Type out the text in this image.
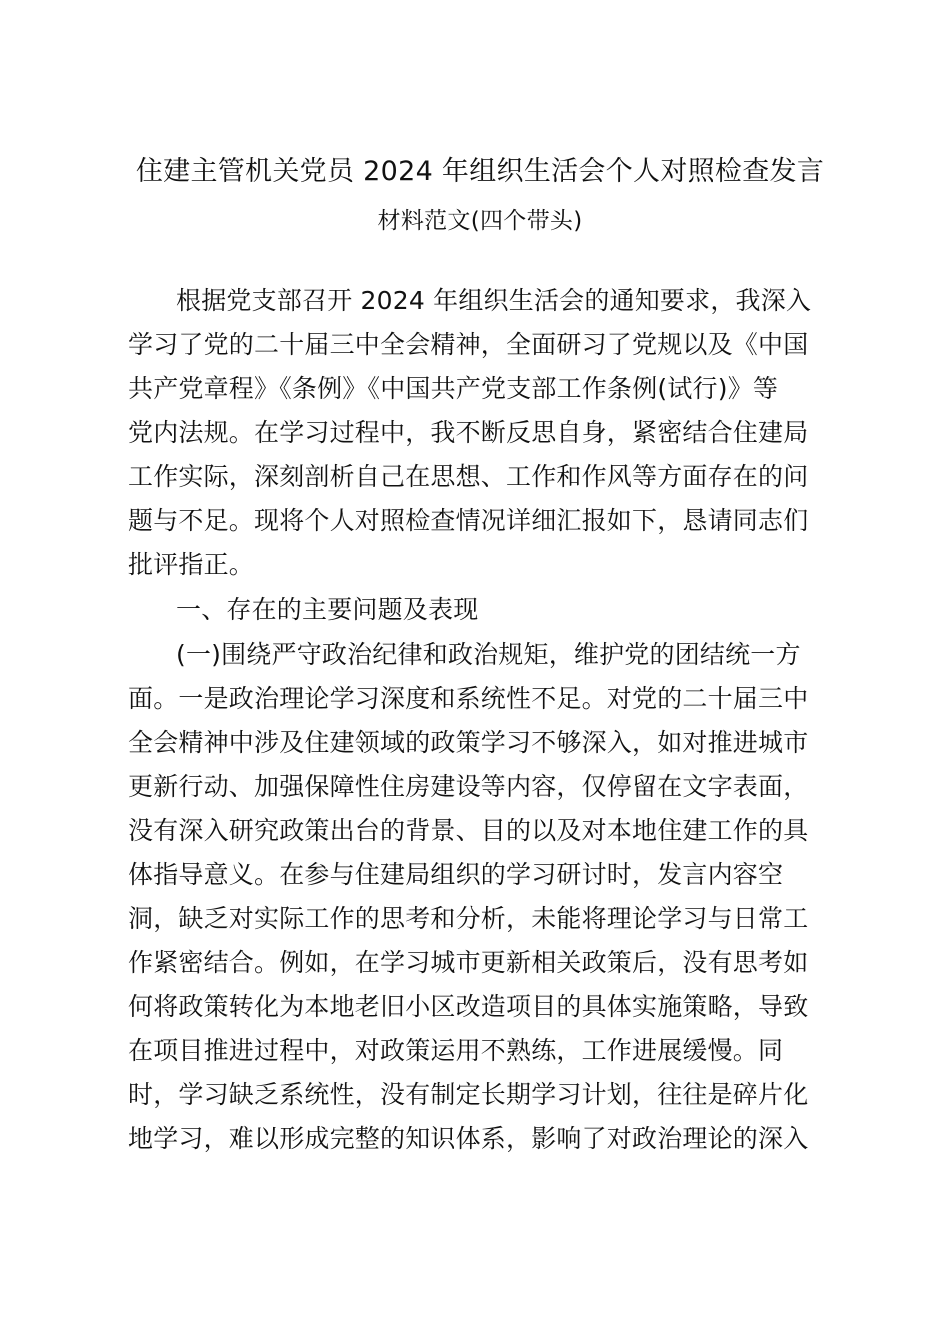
住建主管机关党员 2024 年组织生活会个人对照检查发言
材料范文(四个带头)
根据党支部召开 2024 年组织生活会的通知要求，我深入
学习了党的二十届三中全会精神，全面研习了党规以及《中国
共产党章程》《条例》《中国共产党支部工作条例(试行)》等
党内法规。在学习过程中，我不断反思自身，紧密结合住建局
工作实际，深刻剖析自己在思想、工作和作风等方面存在的问
题与不足。现将个人对照检查情况详细汇报如下，恳请同志们
批评指正。
一、存在的主要问题及表现
(一)围绕严守政治纪律和政治规矩，维护党的团结统一方
面。一是政治理论学习深度和系统性不足。对党的二十届三中
全会精神中涉及住建领域的政策学习不够深入，如对推进城市
更新行动、加强保障性住房建设等内容，仅停留在文字表面，
没有深入研究政策出台的背景、目的以及对本地住建工作的具
体指导意义。在参与住建局组织的学习研讨时，发言内容空
洞，缺乏对实际工作的思考和分析，未能将理论学习与日常工
作紧密结合。例如，在学习城市更新相关政策后，没有思考如
何将政策转化为本地老旧小区改造项目的具体实施策略，导致
在项目推进过程中，对政策运用不熟练，工作进展缓慢。同
时，学习缺乏系统性，没有制定长期学习计划，往往是碎片化
地学习，难以形成完整的知识体系，影响了对政治理论的深入
